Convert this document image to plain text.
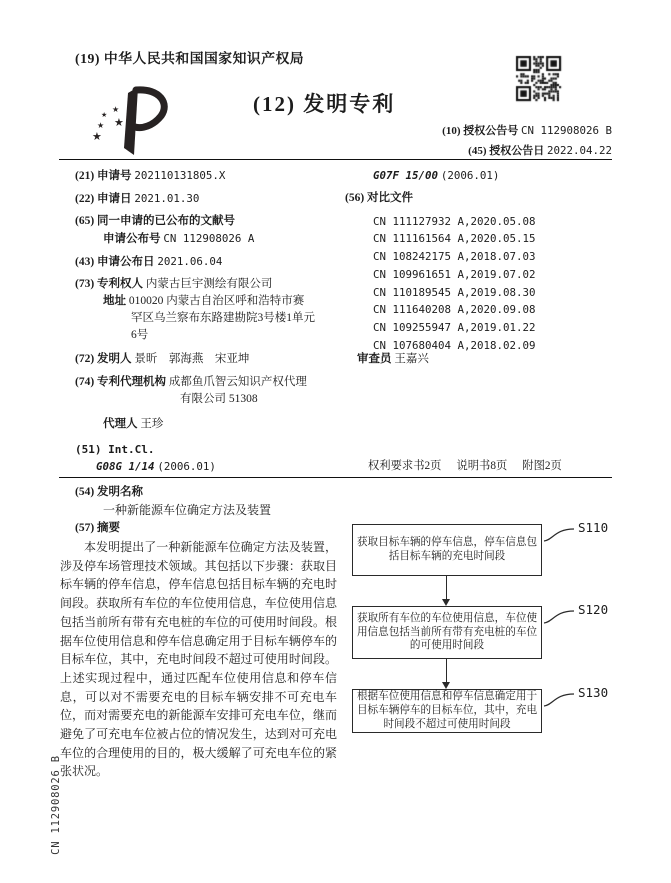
(19) 中华人民共和国国家知识产权局
★
★
★
★
★
(12) 发明专利
(10) 授权公告号 CN 112908026 B
(45) 授权公告日 2022.04.22
(21) 申请号 202110131805.X
(22) 申请日 2021.01.30
(65) 同一申请的已公布的文献号
申请公布号 CN 112908026 A
(43) 申请公布日 2021.06.04
(73) 专利权人 内蒙古巨宇测绘有限公司
地址 010020 内蒙古自治区呼和浩特市赛
罕区乌兰察布东路建勘院3号楼1单元
6号
(72) 发明人 景昕　郭海燕　宋亚坤
(74) 专利代理机构 成都鱼爪智云知识产权代理
有限公司 51308
代理人 王珍
(51) Int.Cl.
G08G 1/14 (2006.01)
G07F 15/00 (2006.01)
(56) 对比文件
CN 111127932 A,2020.05.08
CN 111161564 A,2020.05.15
CN 108242175 A,2018.07.03
CN 109961651 A,2019.07.02
CN 110189545 A,2019.08.30
CN 111640208 A,2020.09.08
CN 109255947 A,2019.01.22
CN 107680404 A,2018.02.09
审查员 王嘉兴
权利要求书2页 说明书8页 附图2页
(54) 发明名称
一种新能源车位确定方法及装置
(57) 摘要
本发明提出了一种新能源车位确定方法及装置，涉及停车场管理技术领域。其包括以下步骤：获取目标车辆的停车信息，停车信息包括目标车辆的充电时间段。获取所有车位的车位使用信息，车位使用信息包括当前所有带有充电桩的车位的可使用时间段。根据车位使用信息和停车信息确定用于目标车辆停车的目标车位，其中，充电时间段不超过可使用时间段。上述实现过程中，通过匹配车位使用信息和停车信息，可以对不需要充电的目标车辆安排不可充电车位，而对需要充电的新能源车安排可充电车位，继而避免了可充电车位被占位的情况发生，达到对可充电车位的合理使用的目的，极大缓解了可充电车位的紧张状况。
获取目标车辆的停车信息，停车信息包括目标车辆的充电时间段
S110
获取所有车位的车位使用信息，车位使用信息包括当前所有带有充电桩的车位的可使用时间段
S120
根据车位使用信息和停车信息确定用于目标车辆停车的目标车位，其中，充电时间段不超过可使用时间段
S130
CN 112908026 B
